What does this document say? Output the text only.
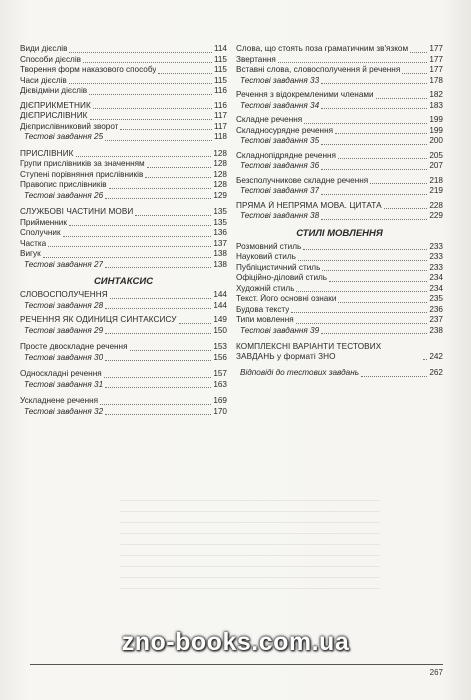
Види дієслів	114
Способи дієслів	115
Творення форм наказового способу	115
Часи дієслів	115
Дієвідміни дієслів	116
ДІЄПРИКМЕТНИК	116
ДІЄПРИСЛІВНИК	117
Дієприслівниковий зворот	117
Тестові завдання 25	118
ПРИСЛІВНИК	128
Групи прислівників за значенням	128
Ступені порівняння прислівників	128
Правопис прислівників	128
Тестові завдання 26	129
СЛУЖБОВІ ЧАСТИНИ МОВИ	135
Прийменник	135
Сполучник	136
Частка	137
Вигук	138
Тестові завдання 27	138
СИНТАКСИС
СЛОВОСПОЛУЧЕННЯ	144
Тестові завдання 28	144
РЕЧЕННЯ ЯК ОДИНИЦЯ СИНТАКСИСУ	149
Тестові завдання 29	150
Просте двоскладне речення	153
Тестові завдання 30	156
Односкладні речення	157
Тестові завдання 31	163
Ускладнене речення	169
Тестові завдання 32	170
Слова, що стоять поза граматичним зв'язком	177
Звертання	177
Вставні слова, словосполучення й речення	177
Тестові завдання 33	178
Речення з відокремленими членами	182
Тестові завдання 34	183
Складне речення	199
Складносурядне речення	199
Тестові завдання 35	200
Складнопідрядне речення	205
Тестові завдання 36	207
Безсполучникове складне речення	218
Тестові завдання 37	219
ПРЯМА Й НЕПРЯМА МОВА. ЦИТАТА	228
Тестові завдання 38	229
СТИЛІ МОВЛЕННЯ
Розмовний стиль	233
Науковий стиль	233
Публіцистичний стиль	233
Офіційно-діловий стиль	234
Художній стиль	234
Текст. Його основні ознаки	235
Будова тексту	236
Типи мовлення	237
Тестові завдання 39	238
КОМПЛЕКСНІ ВАРІАНТИ ТЕСТОВИХ ЗАВДАНЬ у форматі ЗНО	242
Відповіді до тестових завдань	262
zno-books.com.ua
267
